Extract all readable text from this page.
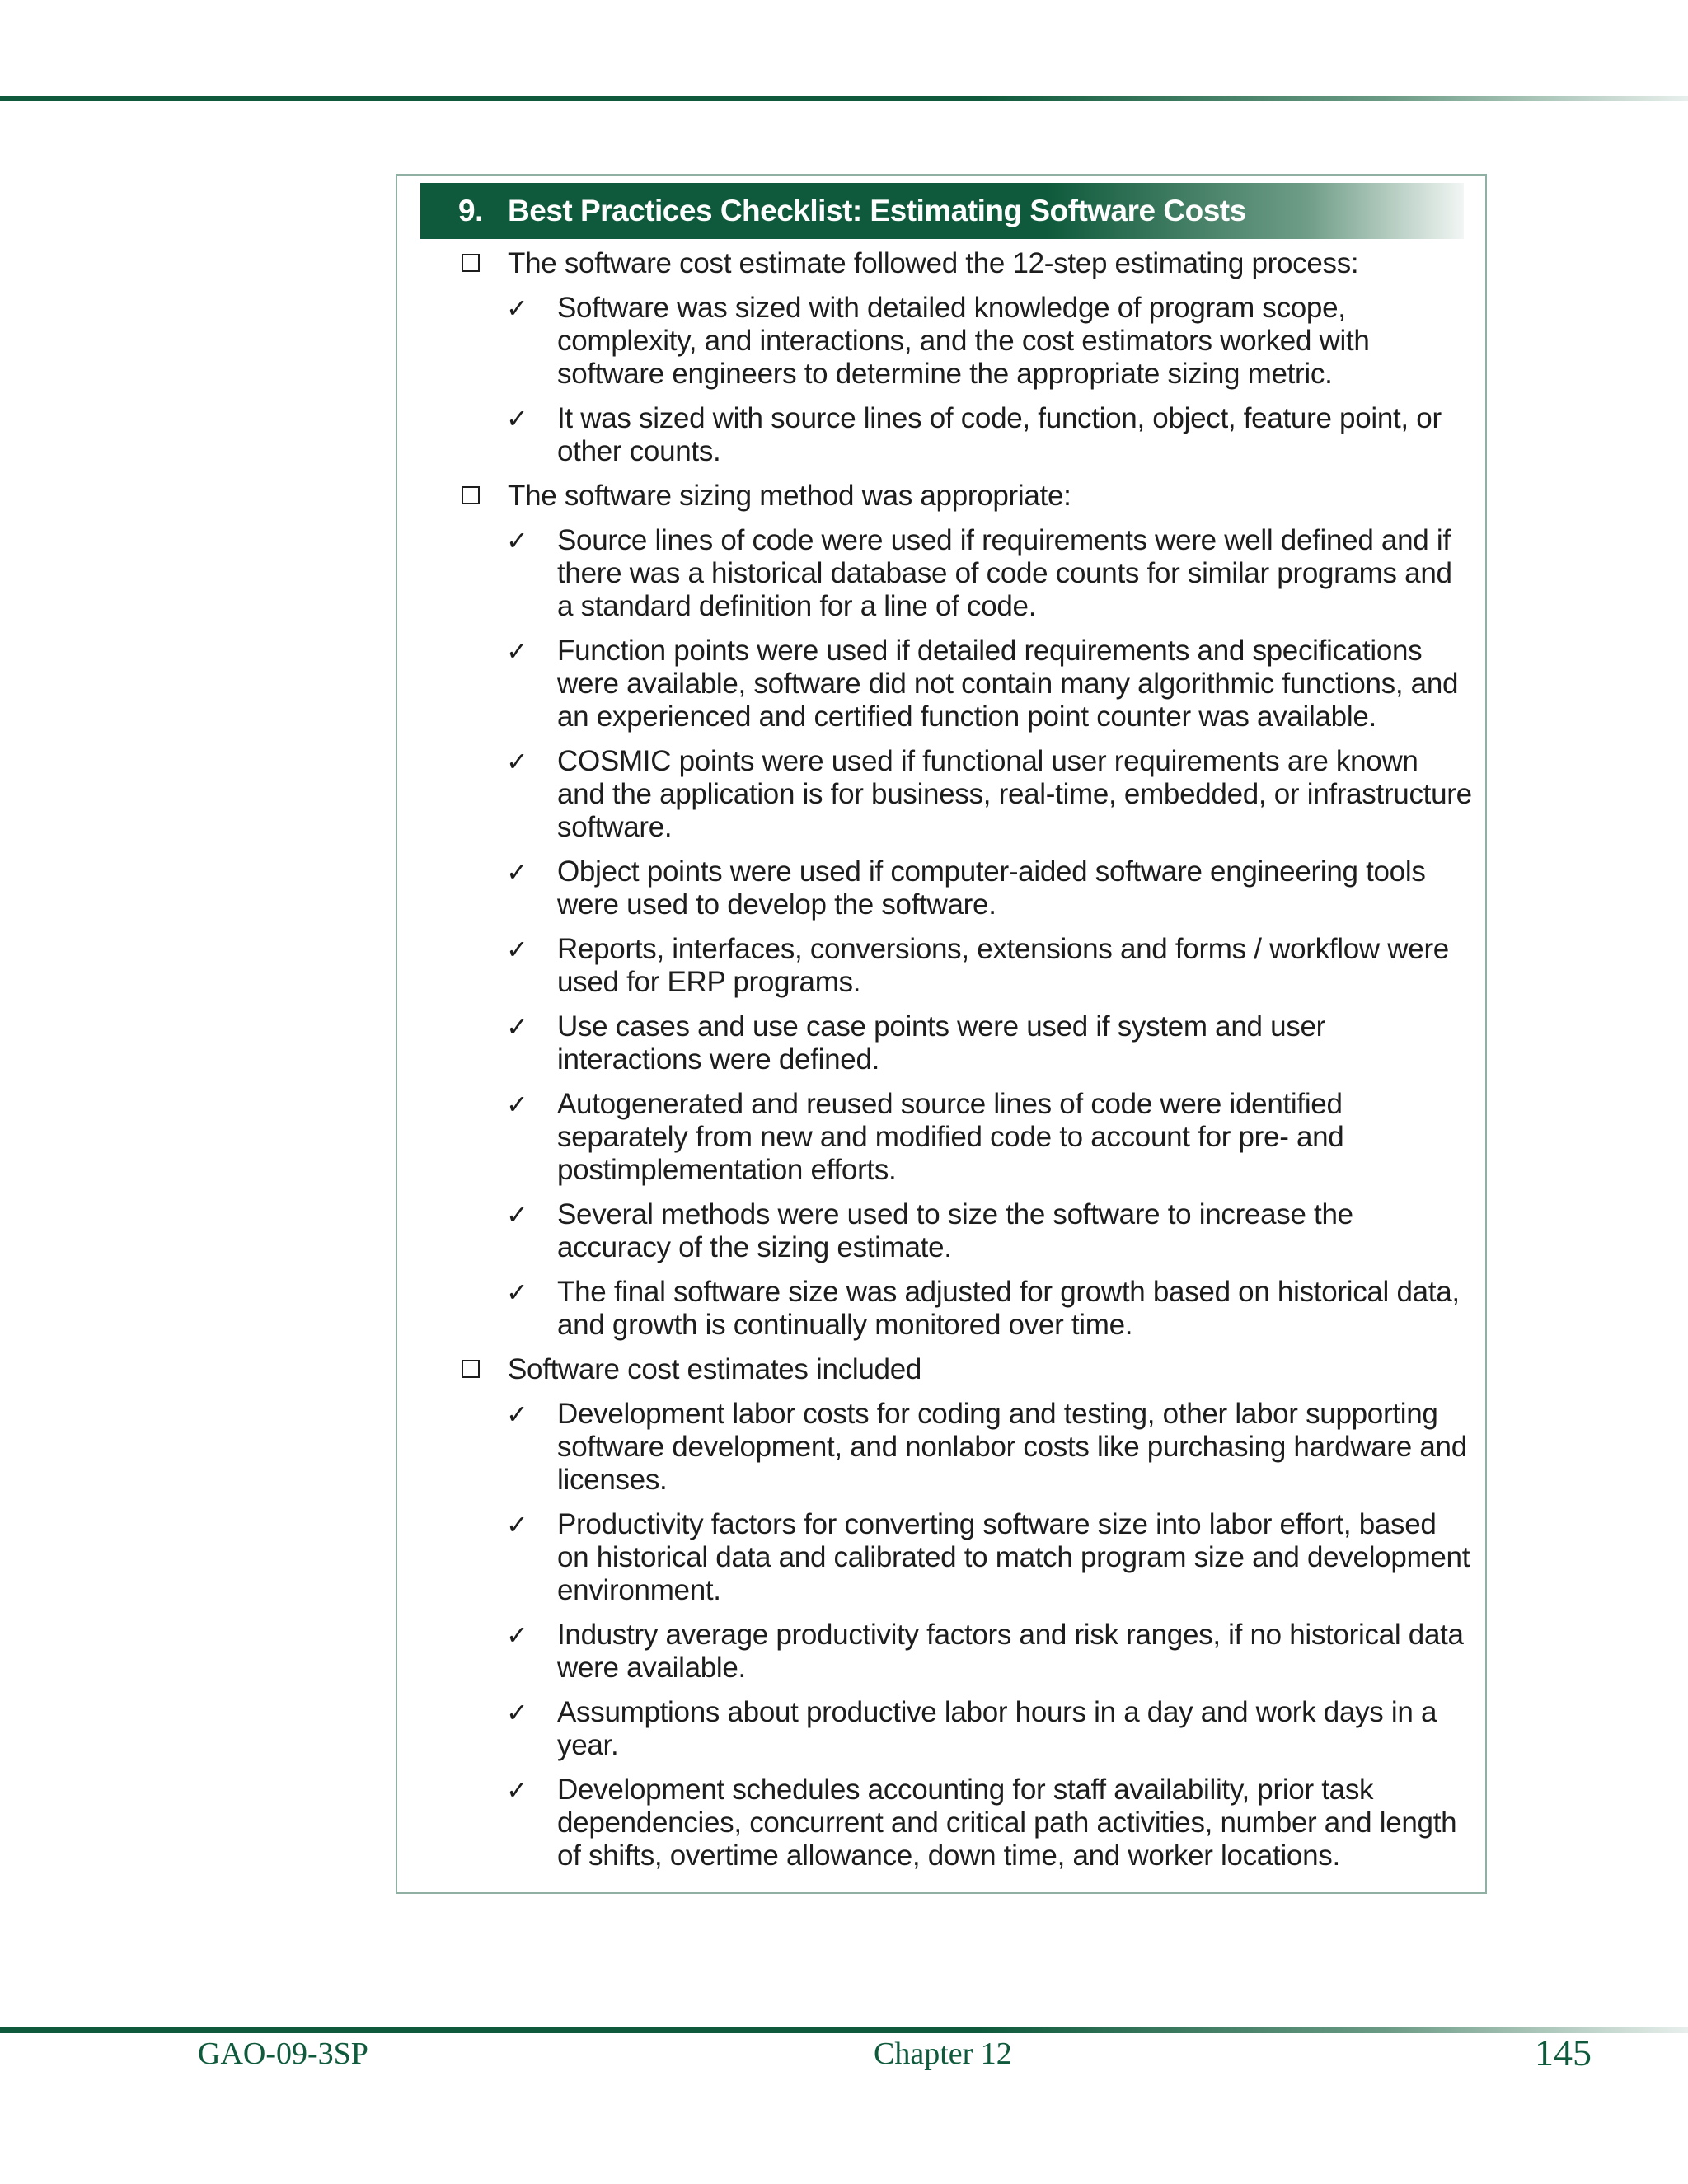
9. Best Practices Checklist: Estimating Software Costs
The software cost estimate followed the 12-step estimating process:
✓ Software was sized with detailed knowledge of program scope, complexity, and interactions, and the cost estimators worked with software engineers to determine the appropriate sizing metric.
✓ It was sized with source lines of code, function, object, feature point, or other counts.
The software sizing method was appropriate:
✓ Source lines of code were used if requirements were well defined and if there was a historical database of code counts for similar programs and a standard definition for a line of code.
✓ Function points were used if detailed requirements and specifications were available, software did not contain many algorithmic functions, and an experienced and certified function point counter was available.
✓ COSMIC points were used if functional user requirements are known and the application is for business, real-time, embedded, or infrastructure software.
✓ Object points were used if computer-aided software engineering tools were used to develop the software.
✓ Reports, interfaces, conversions, extensions and forms / workflow were used for ERP programs.
✓ Use cases and use case points were used if system and user interactions were defined.
✓ Autogenerated and reused source lines of code were identified separately from new and modified code to account for pre- and postimplementation efforts.
✓ Several methods were used to size the software to increase the accuracy of the sizing estimate.
✓ The final software size was adjusted for growth based on historical data, and growth is continually monitored over time.
Software cost estimates included
✓ Development labor costs for coding and testing, other labor supporting software development, and nonlabor costs like purchasing hardware and licenses.
✓ Productivity factors for converting software size into labor effort, based on historical data and calibrated to match program size and development environment.
✓ Industry average productivity factors and risk ranges, if no historical data were available.
✓ Assumptions about productive labor hours in a day and work days in a year.
✓ Development schedules accounting for staff availability, prior task dependencies, concurrent and critical path activities, number and length of shifts, overtime allowance, down time, and worker locations.
GAO-09-3SP	Chapter 12	145
